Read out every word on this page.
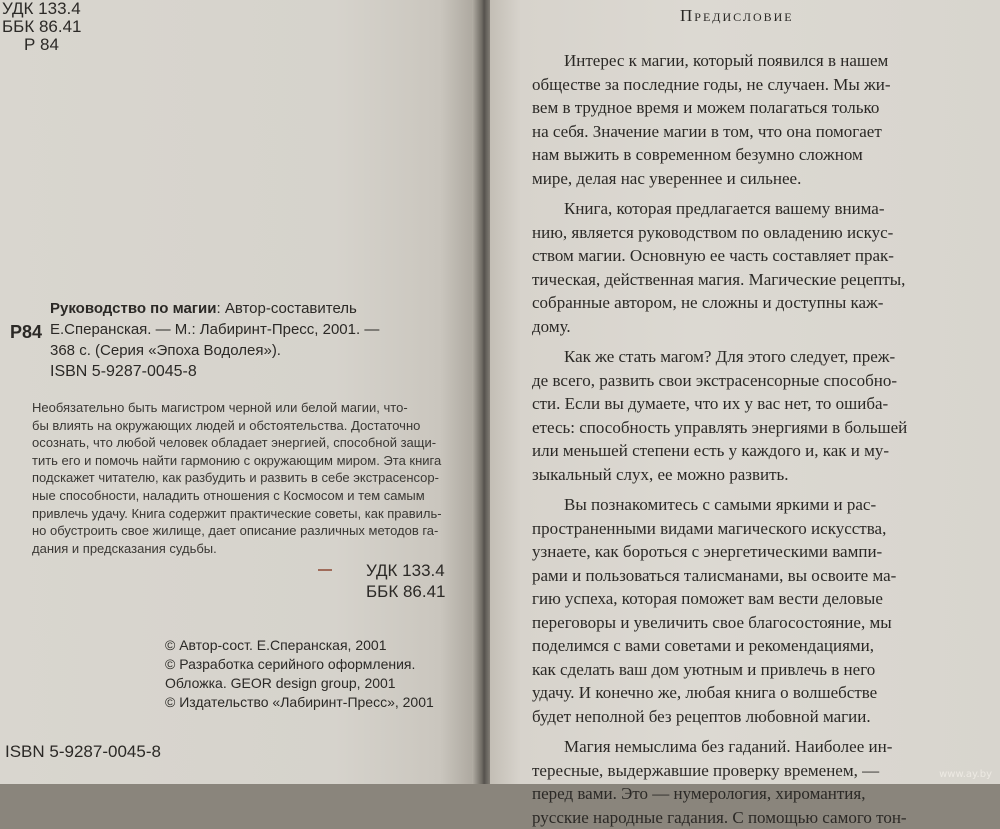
УДК 133.4
ББК 86.41
Р 84
Р84
Руководство по магии: Автор-составитель
Е.Сперанская. — М.: Лабиринт-Пресс, 2001. —
368 с. (Серия «Эпоха Водолея»).
ISBN 5-9287-0045-8
Необязательно быть магистром черной или белой магии, что-
бы влиять на окружающих людей и обстоятельства. Достаточно
осознать, что любой человек обладает энергией, способной защи-
тить его и помочь найти гармонию с окружающим миром. Эта книга
подскажет читателю, как разбудить и развить в себе экстрасенсор-
ные способности, наладить отношения с Космосом и тем самым
привлечь удачу. Книга содержит практические советы, как правиль-
но обустроить свое жилище, дает описание различных методов га-
дания и предсказания судьбы.
УДК 133.4
ББК 86.41
© Автор-сост. Е.Сперанская, 2001
© Разработка серийного оформления.
Обложка. GEOR design group, 2001
© Издательство «Лабиринт-Пресс», 2001
ISBN 5-9287-0045-8
Предисловие
Интерес к магии, который появился в нашем
обществе за последние годы, не случаен. Мы жи-
вем в трудное время и можем полагаться только
на себя. Значение магии в том, что она помогает
нам выжить в современном безумно сложном
мире, делая нас увереннее и сильнее.
Книга, которая предлагается вашему внима-
нию, является руководством по овладению искус-
ством магии. Основную ее часть составляет прак-
тическая, действенная магия. Магические рецепты,
собранные автором, не сложны и доступны каж-
дому.
Как же стать магом? Для этого следует, преж-
де всего, развить свои экстрасенсорные способно-
сти. Если вы думаете, что их у вас нет, то ошиба-
етесь: способность управлять энергиями в большей
или меньшей степени есть у каждого и, как и му-
зыкальный слух, ее можно развить.
Вы познакомитесь с самыми яркими и рас-
пространенными видами магического искусства,
узнаете, как бороться с энергетическими вампи-
рами и пользоваться талисманами, вы освоите ма-
гию успеха, которая поможет вам вести деловые
переговоры и увеличить свое благосостояние, мы
поделимся с вами советами и рекомендациями,
как сделать ваш дом уютным и привлечь в него
удачу. И конечно же, любая книга о волшебстве
будет неполной без рецептов любовной магии.
Магия немыслима без гаданий. Наиболее ин-
тересные, выдержавшие проверку временем, —
перед вами. Это — нумерология, хиромантия,
русские народные гадания. С помощью самого тон-
www.ay.by
